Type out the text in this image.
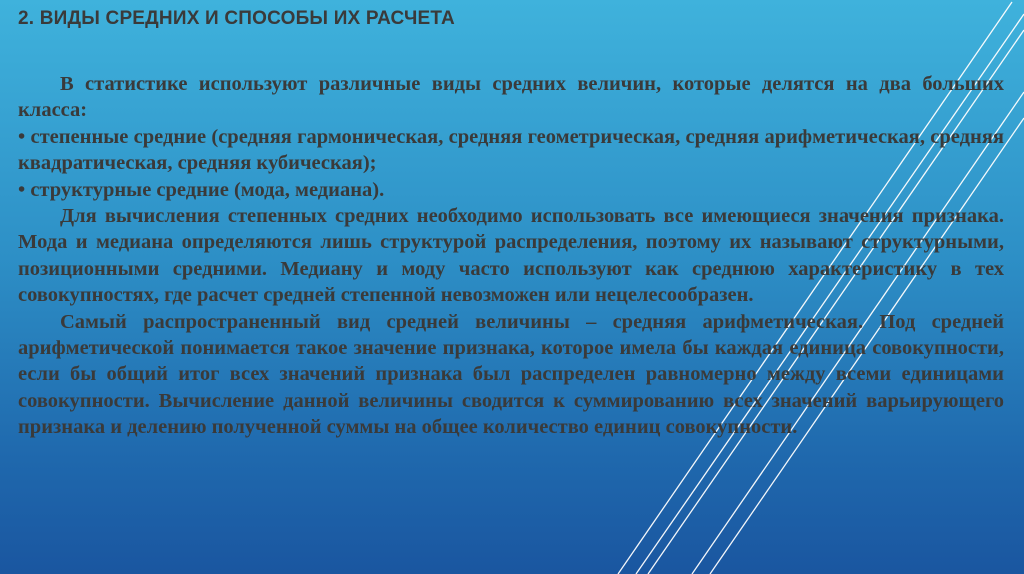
2. ВИДЫ СРЕДНИХ И СПОСОБЫ ИХ РАСЧЕТА

В статистике используют различные виды средних величин, которые делятся на два больших класса:

• степенные средние (средняя гармоническая, средняя геометрическая, средняя арифметическая, средняя квадратическая, средняя кубическая);

• структурные средние (мода, медиана).

Для вычисления степенных средних необходимо использовать все имеющиеся значения признака. Мода и медиана определяются лишь структурой распределения, поэтому их называют структурными, позиционными средними. Медиану и моду часто используют как среднюю характеристику в тех совокупностях, где расчет средней степенной невозможен или нецелесообразен.

Самый распространенный вид средней величины – средняя арифметическая. Под средней арифметической понимается такое значение признака, которое имела бы каждая единица совокупности, если бы общий итог всех значений признака был распределен равномерно между всеми единицами совокупности. Вычисление данной величины сводится к суммированию всех значений варьирующего признака и делению полученной суммы на общее количество единиц совокупности.
